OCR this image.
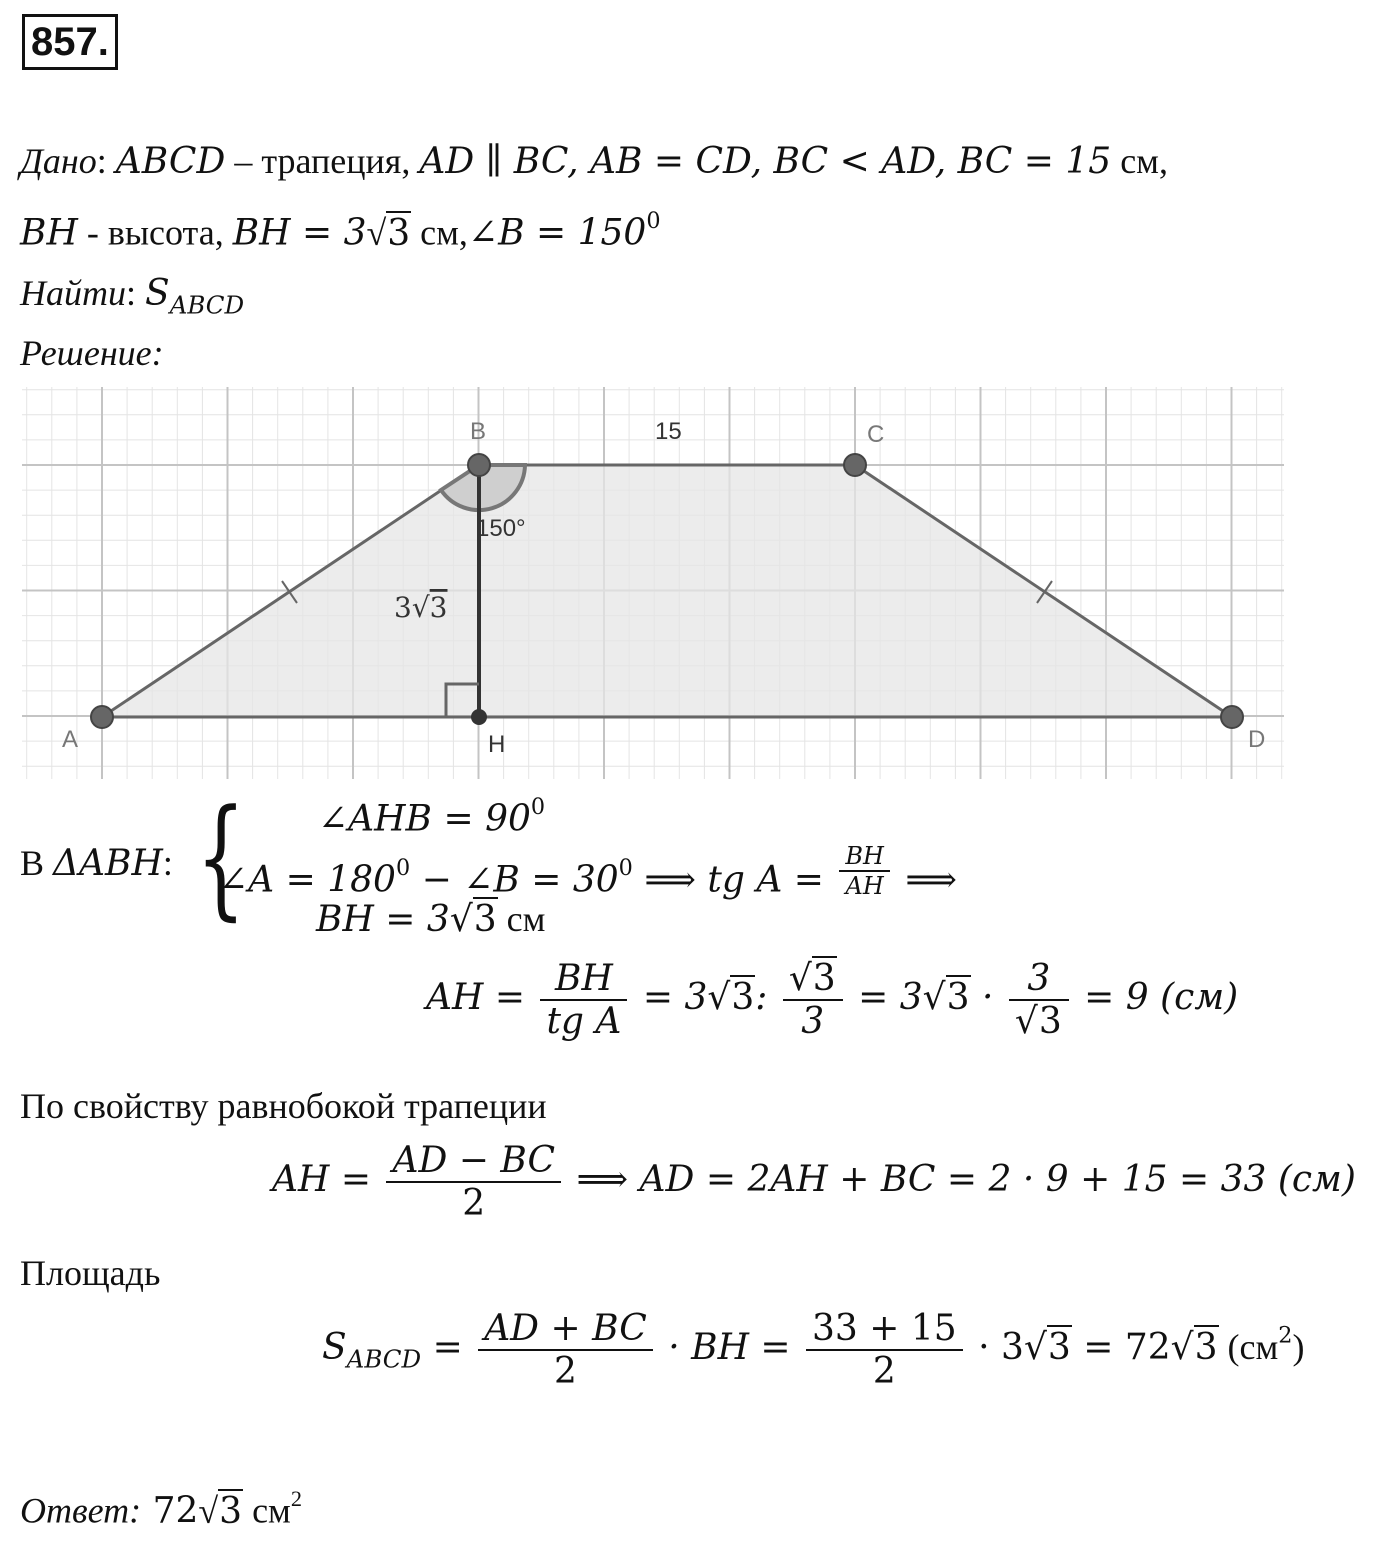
857.
Дано: ABCD – трапеция, AD ∥ BC, AB = CD, BC < AD, BC = 15 см,
BH - высота, BH = 3√3 см,∠B = $150^0$
Найти: $S_{ABCD}$
Решение:
A
B	C
D
H
15
150°
3√3
В ΔABH: { ∠AHB = $90^0$
∠A = $180^0$ − ∠B = $30^0$ ⟹ tg $A = \frac{BH}{AH}$ ⟹
BH = 3√3 см
AH = $\frac{BH}{\text{tg A}} = 3√3$: $\frac{√3}{3} = 3√3 \cdot \frac{3}{√3} = 9$ (см)
По свойству равнобокой трапеции
AH = $\frac{AD - BC}{2}$ ⟹ AD = 2AH + BC = 2 · 9 + 15 = 33 (см)
Площадь
$S_{ABCD} = \frac{AD + BC}{2}$ · BH = $\frac{33 + 15}{2} \cdot 3√3 = 72√3$ $(см^2)$
Ответ: 72√3 $см^2$
